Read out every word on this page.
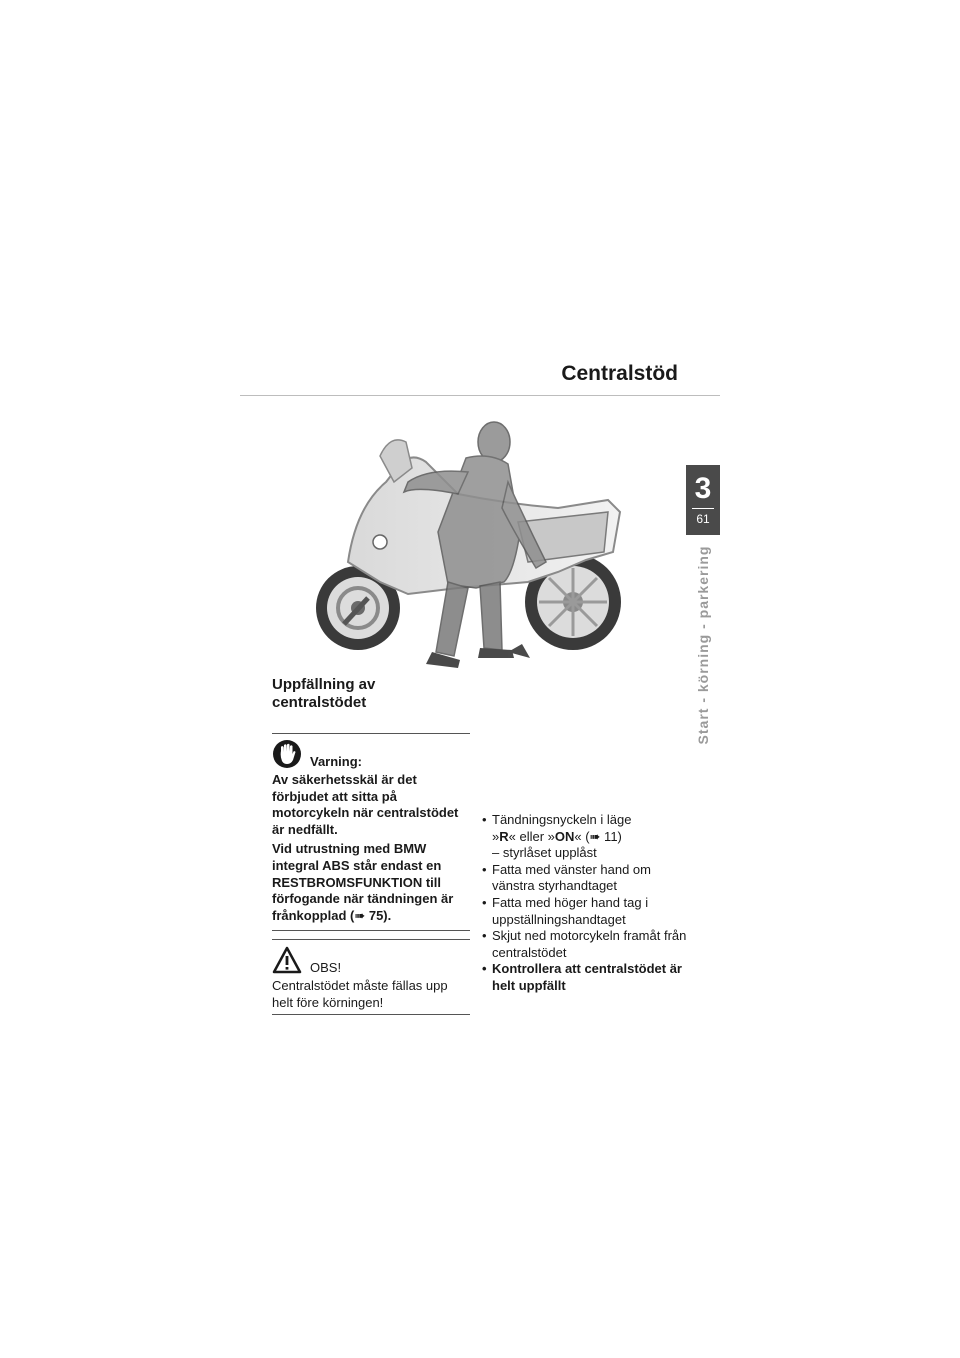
Centralstöd
3
61
Start - körning - parkering
Uppfällning av centralstödet
Varning:
Av säkerhetsskäl är det förbjudet att sitta på motorcykeln när centralstödet är nedfällt.
Vid utrustning med BMW integral ABS står endast en RESTBROMSFUNKTION till förfogande när tändningen är frånkopplad (➠ 75).
OBS!
Centralstödet måste fällas upp helt före körningen!
• Tändningsnyckeln i läge
»R« eller »ON« (➠ 11)
– styrlåset upplåst
• Fatta med vänster hand om vänstra styrhandtaget
• Fatta med höger hand tag i uppställningshandtaget
• Skjut ned motorcykeln framåt från centralstödet
• Kontrollera att centralstödet är helt uppfällt
